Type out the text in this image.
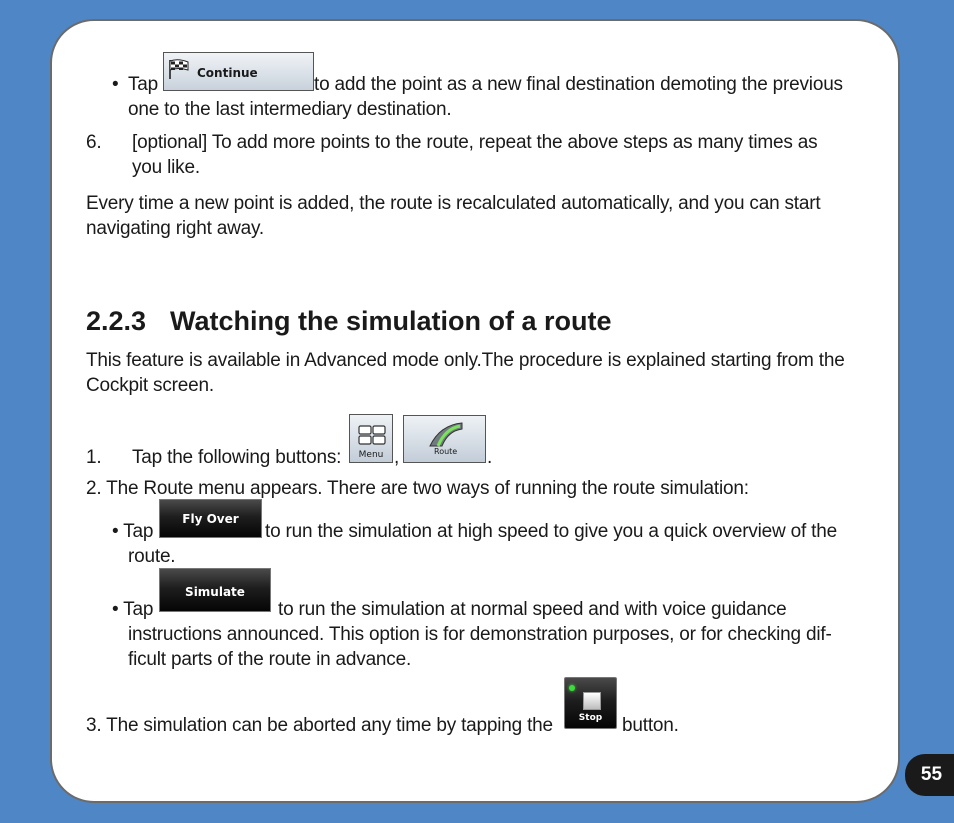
• Tap
Continue
to add the point as a new final destination demoting the previous
one to the last intermediary destination.
6. [optional] To add more points to the route, repeat the above steps as many times as
you like.
Every time a new point is added, the route is recalculated automatically, and you can start
navigating right away.
2.2.3 Watching the simulation of a route
This feature is available in Advanced mode only.The procedure is explained starting from the
Cockpit screen.
1. Tap the following buttons:	Menu ,	Route .
2. The Route menu appears. There are two ways of running the route simulation:
• Tap
Fly Over
to run the simulation at high speed to give you a quick overview of the
route.
• Tap
Simulate
to run the simulation at normal speed and with voice guidance
instructions announced. This option is for demonstration purposes, or for checking dif-
ficult parts of the route in advance.
3. The simulation can be aborted any time by tapping the	Stop	button.
55
